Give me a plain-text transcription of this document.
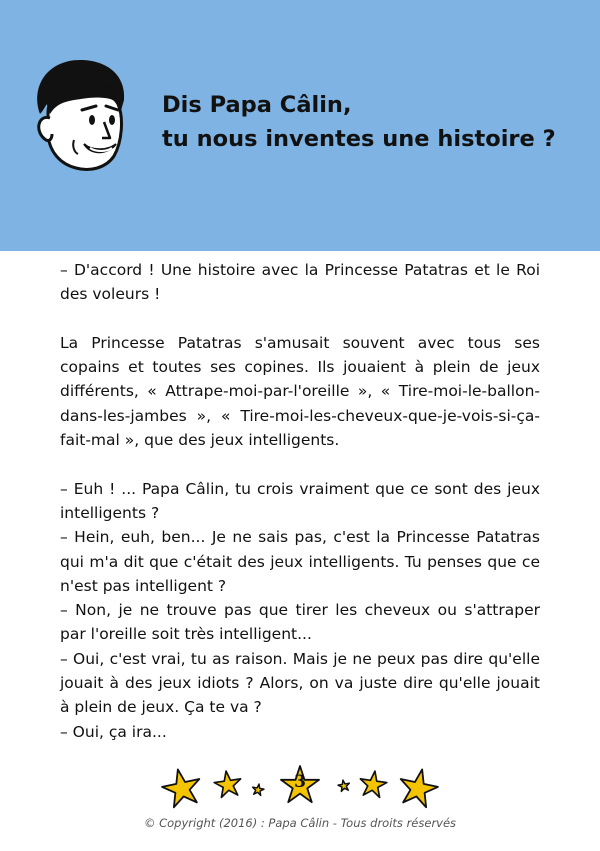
Dis Papa Câlin,
tu nous inventes une histoire ?

– D'accord ! Une histoire avec la Princesse Patatras et le Roi des voleurs !

La Princesse Patatras s'amusait souvent avec tous ses copains et toutes ses copines. Ils jouaient à plein de jeux différents, « Attrape-moi-par-l'oreille », « Tire-moi-le-ballon-dans-les-jambes », « Tire-moi-les-cheveux-que-je-vois-si-ça-fait-mal », que des jeux intelligents.

– Euh ! ... Papa Câlin, tu crois vraiment que ce sont des jeux intelligents ?

– Hein, euh, ben... Je ne sais pas, c'est la Princesse Patatras qui m'a dit que c'était des jeux intelligents. Tu penses que ce n'est pas intelligent ?

– Non, je ne trouve pas que tirer les cheveux ou s'attraper par l'oreille soit très intelligent...

– Oui, c'est vrai, tu as raison. Mais je ne peux pas dire qu'elle jouait à des jeux idiots ? Alors, on va juste dire qu'elle jouait à plein de jeux. Ça te va ?

– Oui, ça ira...

3
© Copyright (2016) : Papa Câlin - Tous droits réservés
